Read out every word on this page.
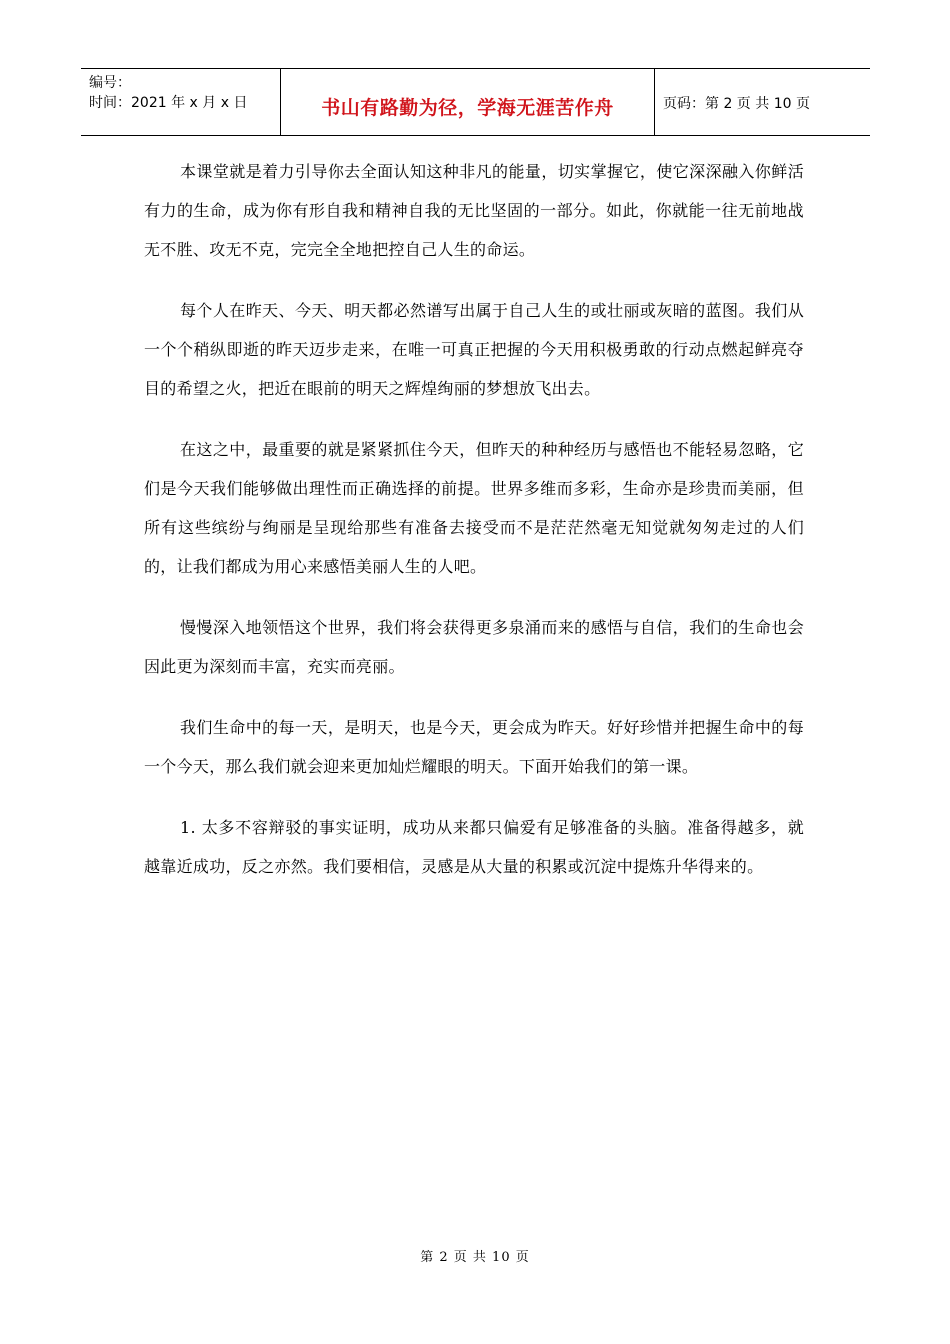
编号：
时间：2021 年 x 月 x 日	书山有路勤为径，学海无涯苦作舟	页码：第 2 页 共 10 页

本课堂就是着力引导你去全面认知这种非凡的能量，切实掌握它，使它深深融入你鲜活有力的生命，成为你有形自我和精神自我的无比坚固的一部分。如此，你就能一往无前地战无不胜、攻无不克，完完全全地把控自己人生的命运。

每个人在昨天、今天、明天都必然谱写出属于自己人生的或壮丽或灰暗的蓝图。我们从一个个稍纵即逝的昨天迈步走来，在唯一可真正把握的今天用积极勇敢的行动点燃起鲜亮夺目的希望之火，把近在眼前的明天之辉煌绚丽的梦想放飞出去。

在这之中，最重要的就是紧紧抓住今天，但昨天的种种经历与感悟也不能轻易忽略，它们是今天我们能够做出理性而正确选择的前提。世界多维而多彩，生命亦是珍贵而美丽，但所有这些缤纷与绚丽是呈现给那些有准备去接受而不是茫茫然毫无知觉就匆匆走过的人们的，让我们都成为用心来感悟美丽人生的人吧。

慢慢深入地领悟这个世界，我们将会获得更多泉涌而来的感悟与自信，我们的生命也会因此更为深刻而丰富，充实而亮丽。

我们生命中的每一天，是明天，也是今天，更会成为昨天。好好珍惜并把握生命中的每一个今天，那么我们就会迎来更加灿烂耀眼的明天。下面开始我们的第一课。

1. 太多不容辩驳的事实证明，成功从来都只偏爱有足够准备的头脑。准备得越多，就越靠近成功，反之亦然。我们要相信，灵感是从大量的积累或沉淀中提炼升华得来的。

第 2 页 共 10 页
